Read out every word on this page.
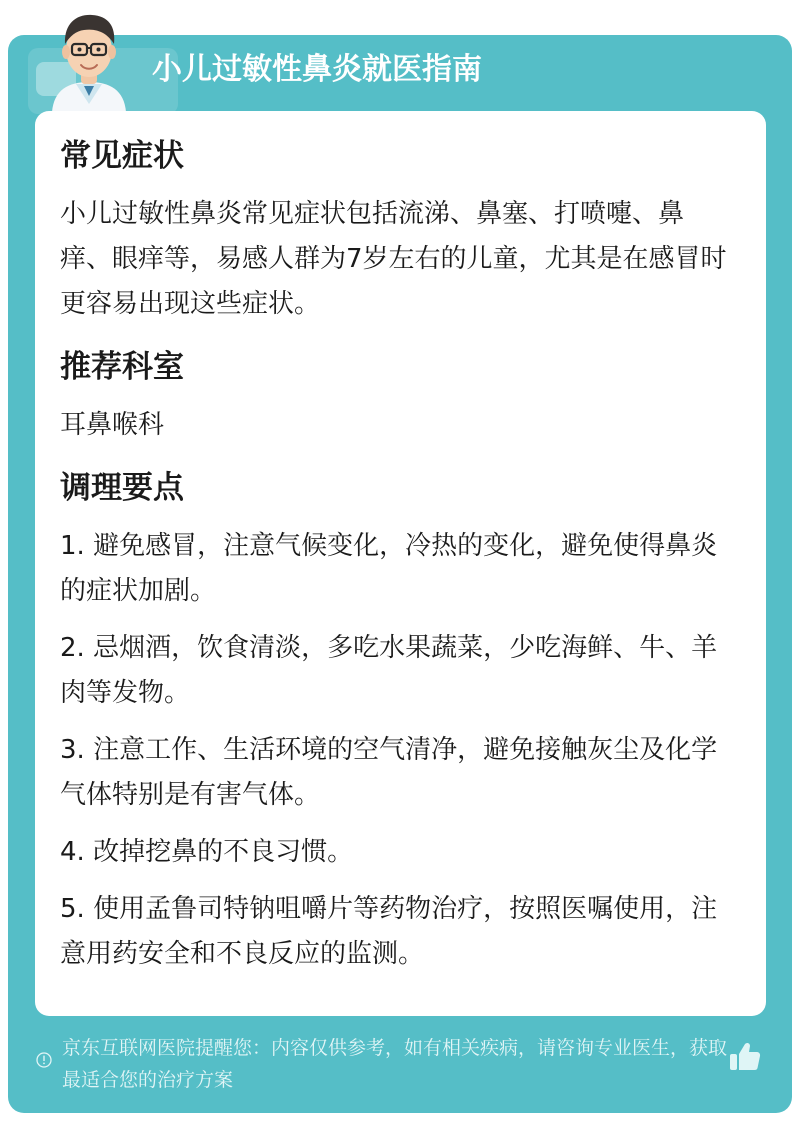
小儿过敏性鼻炎就医指南

常见症状

小儿过敏性鼻炎常见症状包括流涕、鼻塞、打喷嚏、鼻痒、眼痒等，易感人群为7岁左右的儿童，尤其是在感冒时更容易出现这些症状。

推荐科室

耳鼻喉科

调理要点

1. 避免感冒，注意气候变化，冷热的变化，避免使得鼻炎的症状加剧。

2. 忌烟酒，饮食清淡，多吃水果蔬菜，少吃海鲜、牛、羊肉等发物。

3. 注意工作、生活环境的空气清净，避免接触灰尘及化学气体特别是有害气体。

4. 改掉挖鼻的不良习惯。

5. 使用孟鲁司特钠咀嚼片等药物治疗，按照医嘱使用，注意用药安全和不良反应的监测。

京东互联网医院提醒您：内容仅供参考，如有相关疾病，请咨询专业医生，获取最适合您的治疗方案
